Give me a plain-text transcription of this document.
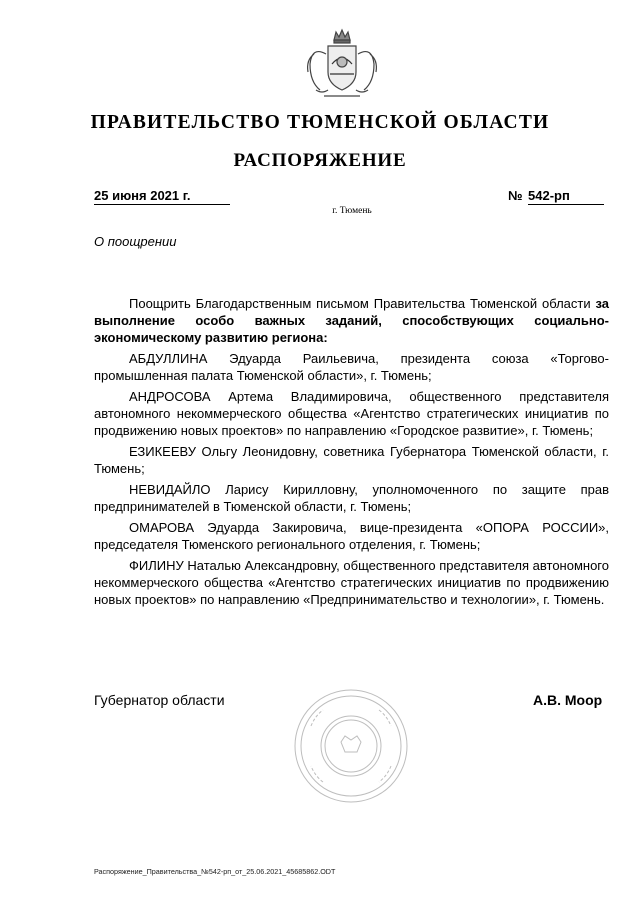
ПРАВИТЕЛЬСТВО ТЮМЕНСКОЙ ОБЛАСТИ
РАСПОРЯЖЕНИЕ
25 июня 2021 г.	№ 542-рп
г. Тюмень
О поощрении

Поощрить Благодарственным письмом Правительства Тюменской области за выполнение особо важных заданий, способствующих социально-экономическому развитию региона:

АБДУЛЛИНА Эдуарда Раильевича, президента союза «Торгово-промышленная палата Тюменской области», г. Тюмень;

АНДРОСОВА Артема Владимировича, общественного представителя автономного некоммерческого общества «Агентство стратегических инициатив по продвижению новых проектов» по направлению «Городское развитие», г. Тюмень;

ЕЗИКЕЕВУ Ольгу Леонидовну, советника Губернатора Тюменской области, г. Тюмень;

НЕВИДАЙЛО Ларису Кирилловну, уполномоченного по защите прав предпринимателей в Тюменской области, г. Тюмень;

ОМАРОВА Эдуарда Закировича, вице-президента «ОПОРА РОССИИ», председателя Тюменского регионального отделения, г. Тюмень;

ФИЛИНУ Наталью Александровну, общественного представителя автономного некоммерческого общества «Агентство стратегических инициатив по продвижению новых проектов» по направлению «Предпринимательство и технологии», г. Тюмень.

Губернатор области	А.В. Моор
Распоряжение_Правительства_№542-рп_от_25.06.2021_45685862.ODT
